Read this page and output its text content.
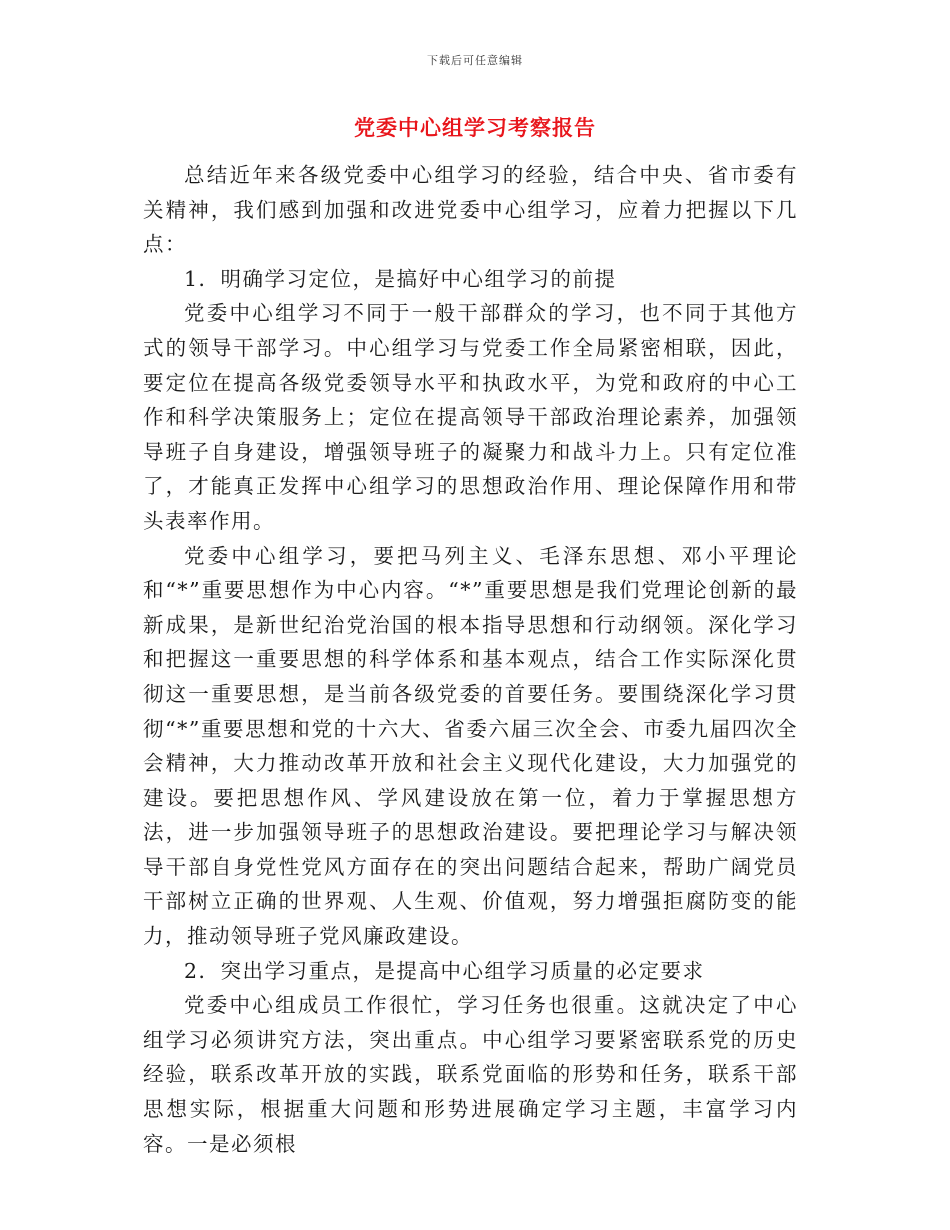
下载后可任意编辑
党委中心组学习考察报告

总结近年来各级党委中心组学习的经验，结合中央、省市委有关精神，我们感到加强和改进党委中心组学习，应着力把握以下几点：

1．明确学习定位，是搞好中心组学习的前提

党委中心组学习不同于一般干部群众的学习，也不同于其他方式的领导干部学习。中心组学习与党委工作全局紧密相联，因此，要定位在提高各级党委领导水平和执政水平，为党和政府的中心工作和科学决策服务上；定位在提高领导干部政治理论素养，加强领导班子自身建设，增强领导班子的凝聚力和战斗力上。只有定位准了，才能真正发挥中心组学习的思想政治作用、理论保障作用和带头表率作用。

党委中心组学习，要把马列主义、毛泽东思想、邓小平理论和“*”重要思想作为中心内容。“*”重要思想是我们党理论创新的最新成果，是新世纪治党治国的根本指导思想和行动纲领。深化学习和把握这一重要思想的科学体系和基本观点，结合工作实际深化贯彻这一重要思想，是当前各级党委的首要任务。要围绕深化学习贯彻“*”重要思想和党的十六大、省委六届三次全会、市委九届四次全会精神，大力推动改革开放和社会主义现代化建设，大力加强党的建设。要把思想作风、学风建设放在第一位，着力于掌握思想方法，进一步加强领导班子的思想政治建设。要把理论学习与解决领导干部自身党性党风方面存在的突出问题结合起来，帮助广阔党员干部树立正确的世界观、人生观、价值观，努力增强拒腐防变的能力，推动领导班子党风廉政建设。

2．突出学习重点，是提高中心组学习质量的必定要求

党委中心组成员工作很忙，学习任务也很重。这就决定了中心组学习必须讲究方法，突出重点。中心组学习要紧密联系党的历史经验，联系改革开放的实践，联系党面临的形势和任务，联系干部思想实际，根据重大问题和形势进展确定学习主题，丰富学习内容。一是必须根
